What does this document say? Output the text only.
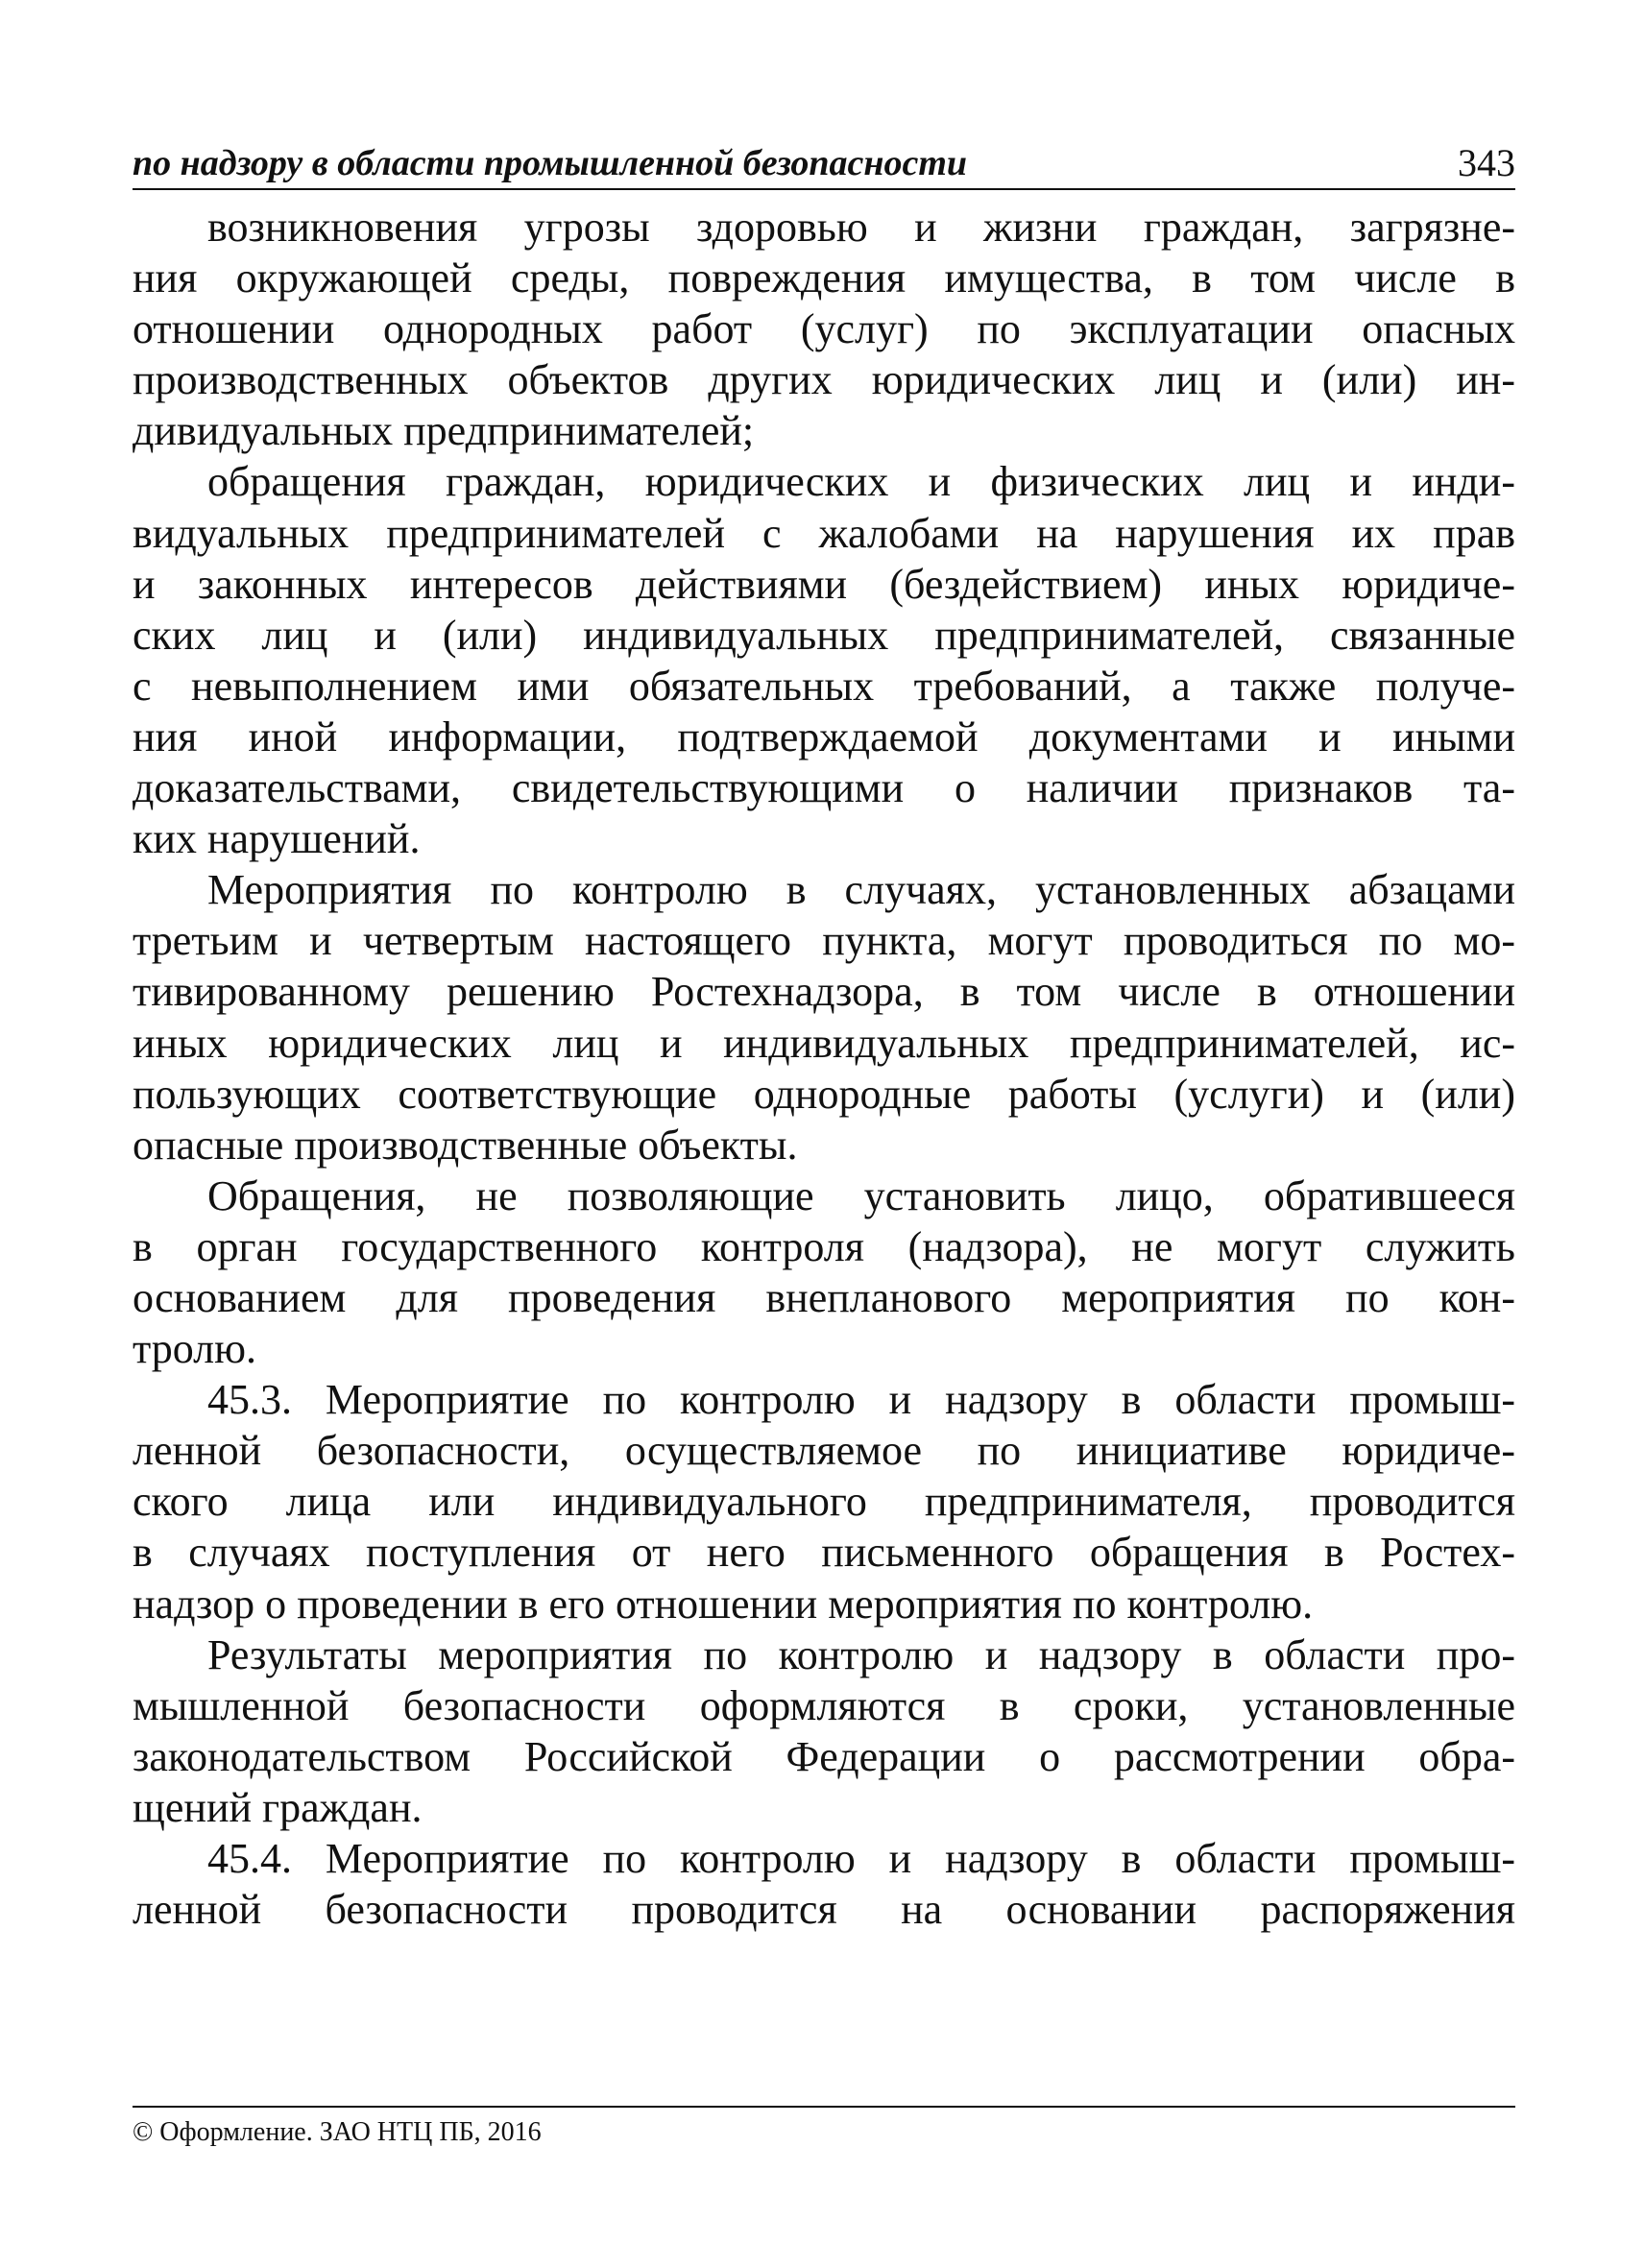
по надзору в области промышленной безопасности	343
возникновения угрозы здоровью и жизни граждан, загрязне-
ния окружающей среды, повреждения имущества, в том числе в
отношении однородных работ (услуг) по эксплуатации опасных
производственных объектов других юридических лиц и (или) ин-
дивидуальных предпринимателей;
обращения граждан, юридических и физических лиц и инди-
видуальных предпринимателей с жалобами на нарушения их прав
и законных интересов действиями (бездействием) иных юридиче-
ских лиц и (или) индивидуальных предпринимателей, связанные
с невыполнением ими обязательных требований, а также получе-
ния иной информации, подтверждаемой документами и иными
доказательствами, свидетельствующими о наличии признаков та-
ких нарушений.
Мероприятия по контролю в случаях, установленных абзацами
третьим и четвертым настоящего пункта, могут проводиться по мо-
тивированному решению Ростехнадзора, в том числе в отношении
иных юридических лиц и индивидуальных предпринимателей, ис-
пользующих соответствующие однородные работы (услуги) и (или)
опасные производственные объекты.
Обращения, не позволяющие установить лицо, обратившееся
в орган государственного контроля (надзора), не могут служить
основанием для проведения внепланового мероприятия по кон-
тролю.
45.3. Мероприятие по контролю и надзору в области промыш-
ленной безопасности, осуществляемое по инициативе юридиче-
ского лица или индивидуального предпринимателя, проводится
в случаях поступления от него письменного обращения в Ростех-
надзор о проведении в его отношении мероприятия по контролю.
Результаты мероприятия по контролю и надзору в области про-
мышленной безопасности оформляются в сроки, установленные
законодательством Российской Федерации о рассмотрении обра-
щений граждан.
45.4. Мероприятие по контролю и надзору в области промыш-
ленной безопасности проводится на основании распоряжения
© Оформление. ЗАО НТЦ ПБ, 2016
